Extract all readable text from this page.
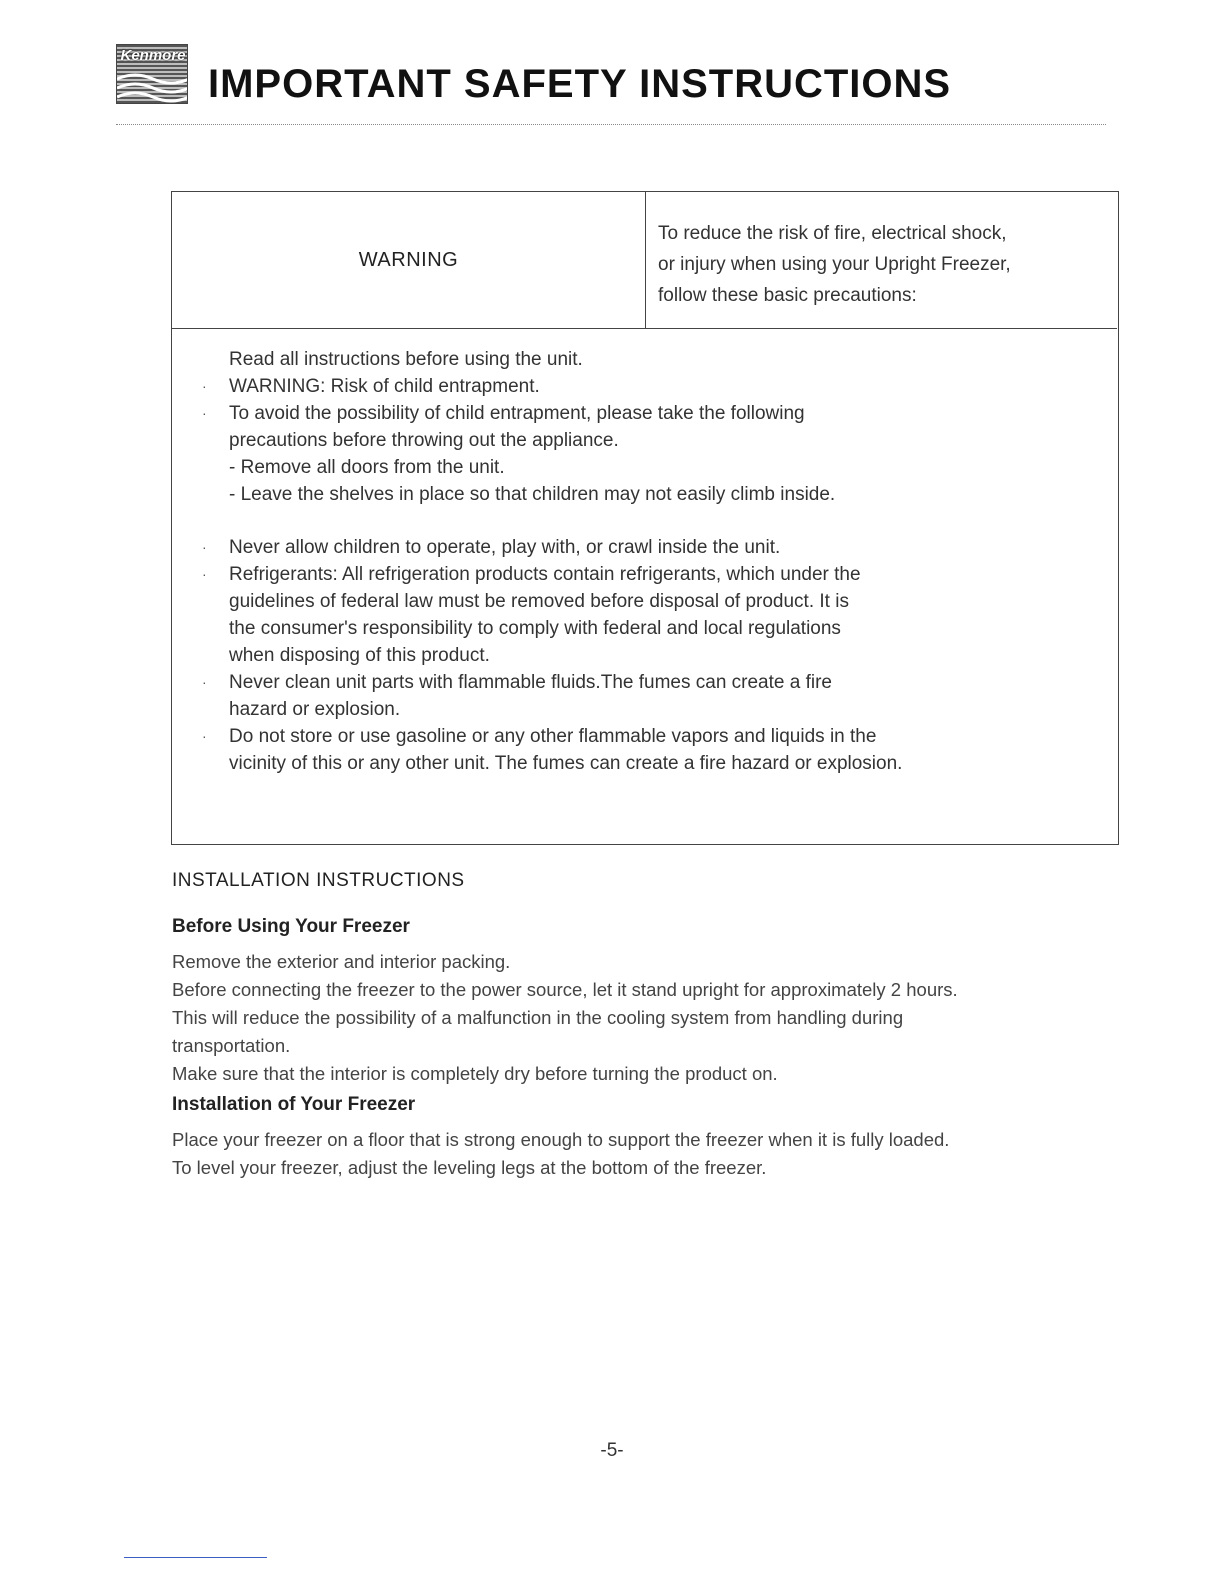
Kenmore
IMPORTANT SAFETY INSTRUCTIONS
WARNING
To reduce the risk of fire, electrical shock,
or injury when using your Upright Freezer,
follow these basic precautions:
Read all instructions before using the unit.
· WARNING: Risk of child entrapment.
· To avoid the possibility of child entrapment, please take the following
precautions before throwing out the appliance.
- Remove all doors from the unit.
- Leave the shelves in place so that children may not easily climb inside.
· Never allow children to operate, play with, or crawl inside the unit.
· Refrigerants: All refrigeration products contain refrigerants, which under the
guidelines of federal law must be removed before disposal of product. It is
the consumer's responsibility to comply with federal and local regulations
when disposing of this product.
· Never clean unit parts with flammable fluids.The fumes can create a fire
hazard or explosion.
· Do not store or use gasoline or any other flammable vapors and liquids in the
vicinity of this or any other unit. The fumes can create a fire hazard or explosion.
INSTALLATION INSTRUCTIONS
Before Using Your Freezer
Remove the exterior and interior packing.
Before connecting the freezer to the power source, let it stand upright for approximately 2 hours.
This will reduce the possibility of a malfunction in the cooling system from handling during
transportation.
Make sure that the interior is completely dry before turning the product on.
Installation of Your Freezer
Place your freezer on a floor that is strong enough to support the freezer when it is fully loaded.
To level your freezer, adjust the leveling legs at the bottom of the freezer.
-5-
